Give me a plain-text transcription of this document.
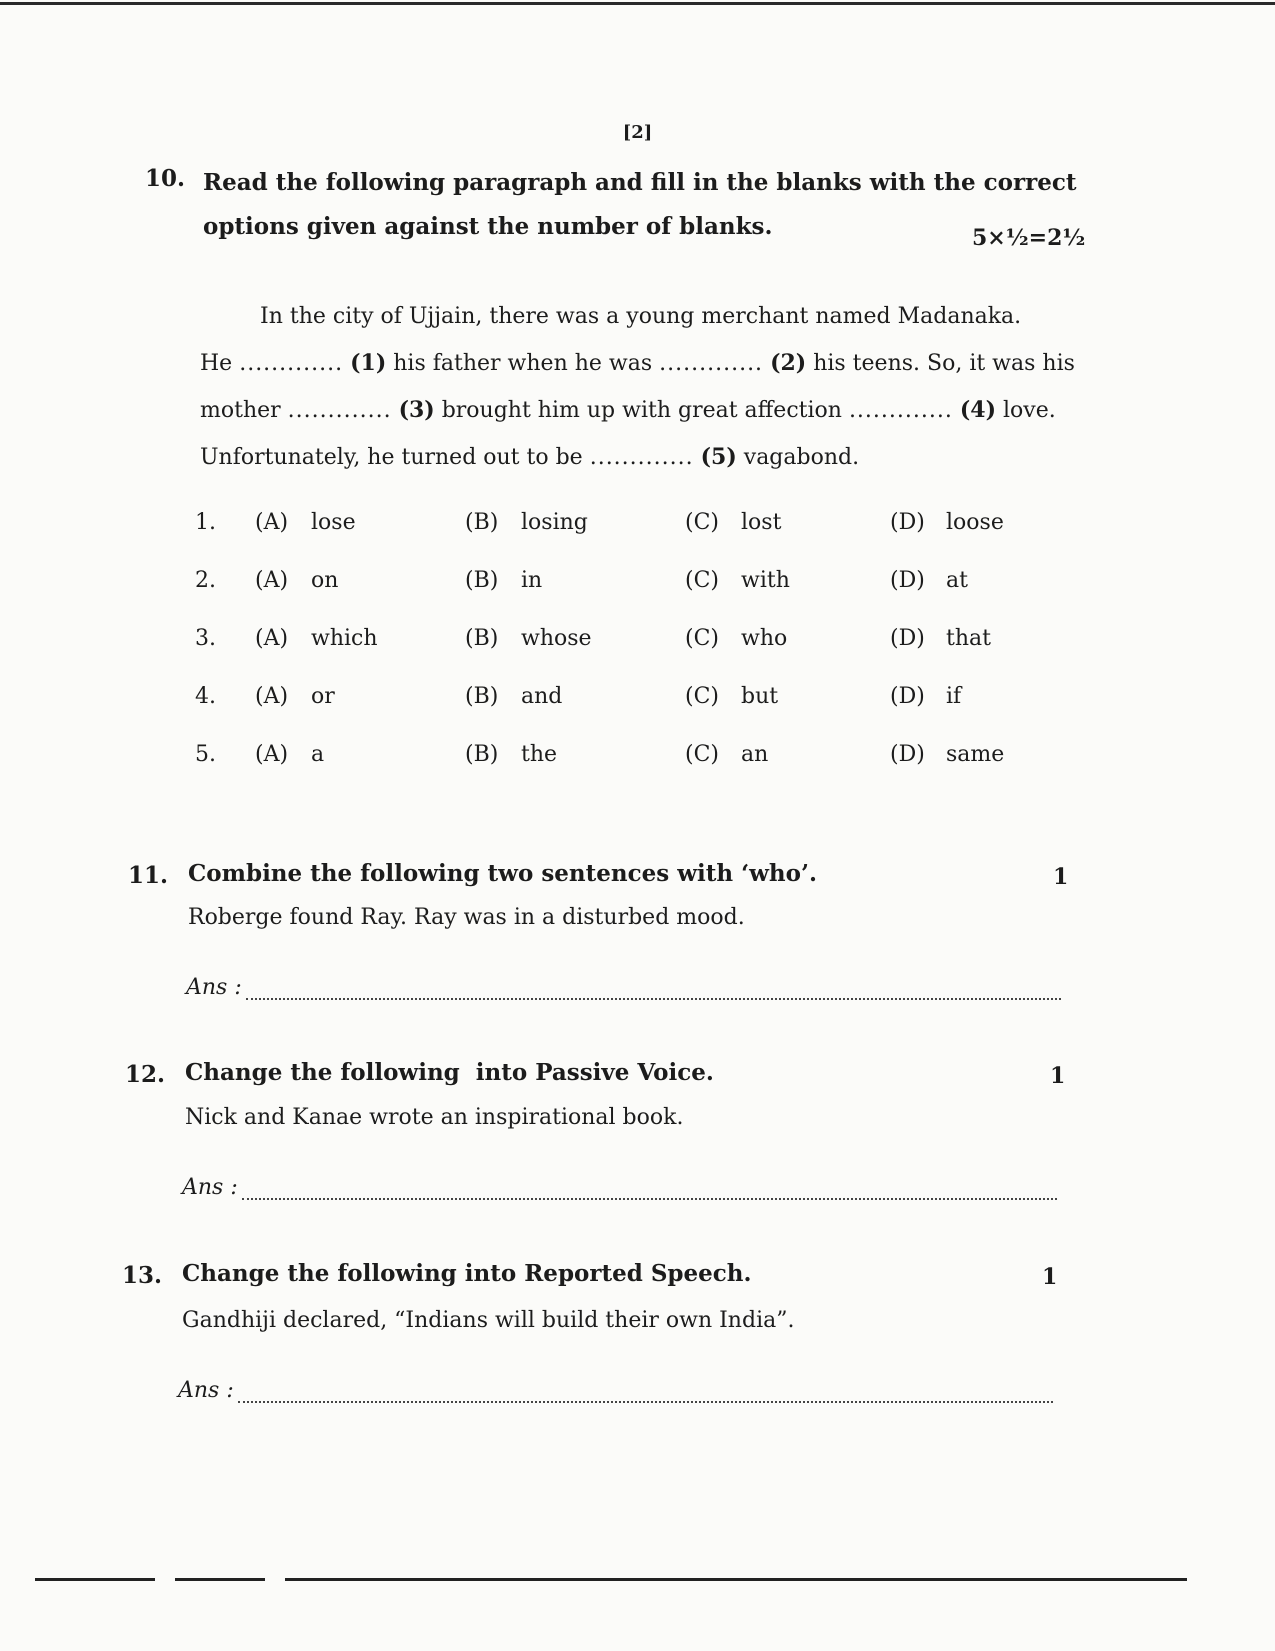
[2]
10. Read the following paragraph and fill in the blanks with the correct
options given against the number of blanks.	5×½=2½
In the city of Ujjain, there was a young merchant named Madanaka.
He ............. (1) his father when he was ............. (2) his teens. So, it was his
mother ............. (3) brought him up with great affection ............. (4) love.
Unfortunately, he turned out to be ............. (5) vagabond.
1. (A) lose	(B) losing	(C) lost	(D) loose
2. (A) on	(B) in	(C) with	(D) at
3. (A) which	(B) whose	(C) who	(D) that
4. (A) or	(B) and	(C) but	(D) if
5. (A) a	(B) the	(C) an	(D) same
11. Combine the following two sentences with ‘who’.	1
Roberge found Ray. Ray was in a disturbed mood.
Ans :
12. Change the following  into Passive Voice.	1
Nick and Kanae wrote an inspirational book.
Ans :
13. Change the following into Reported Speech.	1
Gandhiji declared, “Indians will build their own India”.
Ans :
